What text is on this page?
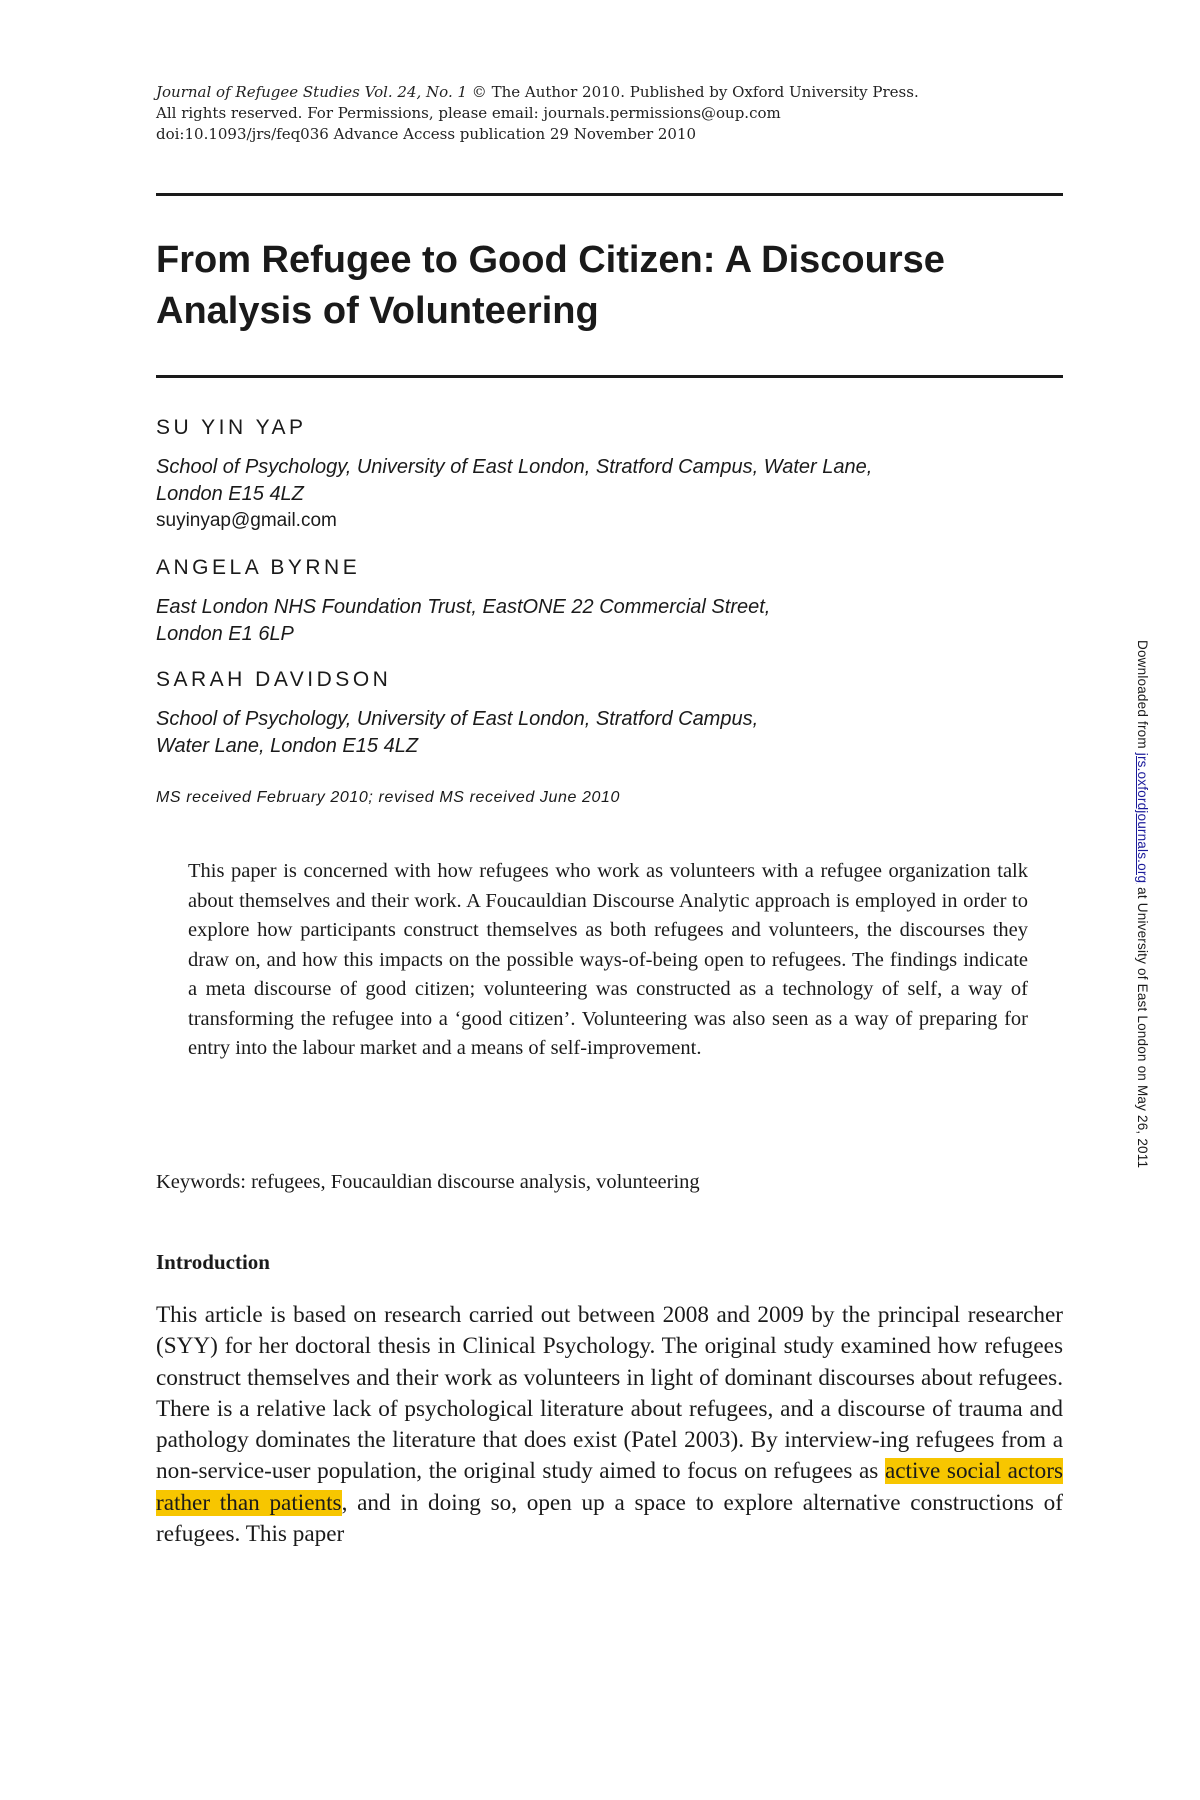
Journal of Refugee Studies Vol. 24, No. 1 © The Author 2010. Published by Oxford University Press.
All rights reserved. For Permissions, please email: journals.permissions@oup.com
doi:10.1093/jrs/feq036 Advance Access publication 29 November 2010
From Refugee to Good Citizen: A Discourse
Analysis of Volunteering

SU YIN YAP

School of Psychology, University of East London, Stratford Campus, Water Lane,
London E15 4LZ

suyinyap@gmail.com

ANGELA BYRNE

East London NHS Foundation Trust, EastONE 22 Commercial Street,
London E1 6LP

SARAH DAVIDSON

School of Psychology, University of East London, Stratford Campus,
Water Lane, London E15 4LZ

MS received February 2010; revised MS received June 2010

This paper is concerned with how refugees who work as volunteers with a refugee organization talk about themselves and their work. A Foucauldian Discourse Analytic approach is employed in order to explore how participants construct themselves as both refugees and volunteers, the discourses they draw on, and how this impacts on the possible ways-of-being open to refugees. The findings indicate a meta discourse of good citizen; volunteering was constructed as a technology of self, a way of transforming the refugee into a ‘good citizen’. Volunteering was also seen as a way of preparing for entry into the labour market and a means of self-improvement.

Keywords: refugees, Foucauldian discourse analysis, volunteering
Introduction

This article is based on research carried out between 2008 and 2009 by the principal researcher (SYY) for her doctoral thesis in Clinical Psychology. The original study examined how refugees construct themselves and their work as volunteers in light of dominant discourses about refugees. There is a relative lack of psychological literature about refugees, and a discourse of trauma and pathology dominates the literature that does exist (Patel 2003). By interview-ing refugees from a non-service-user population, the original study aimed to focus on refugees as active social actors rather than patients, and in doing so, open up a space to explore alternative constructions of refugees. This paper

Downloaded from jrs.oxfordjournals.org at University of East London on May 26, 2011
